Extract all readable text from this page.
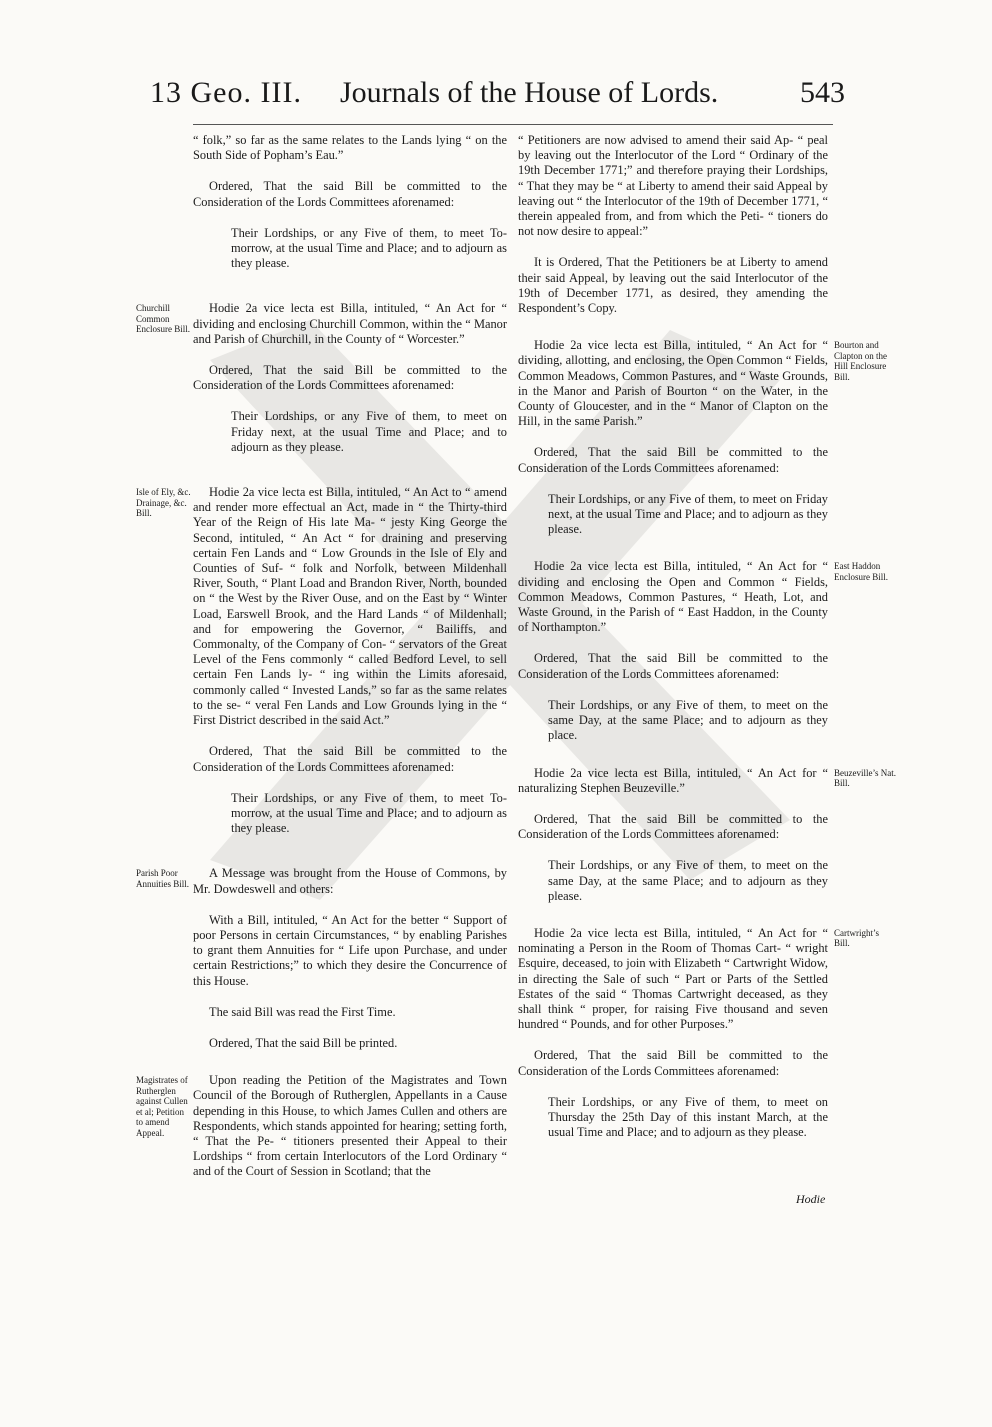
13 Geo. III. Journals of the House of Lords.	543

“ folk,” so far as the same relates to the Lands lying “ on the South Side of Popham’s Eau.”

Ordered, That the said Bill be committed to the Consideration of the Lords Committees aforenamed:

Their Lordships, or any Five of them, to meet To-morrow, at the usual Time and Place; and to adjourn as they please.

Churchill Common Enclosure Bill.

Hodie 2a vice lecta est Billa, intituled, “ An Act for “ dividing and enclosing Churchill Common, within the “ Manor and Parish of Churchill, in the County of “ Worcester.”

Ordered, That the said Bill be committed to the Consideration of the Lords Committees aforenamed:

Their Lordships, or any Five of them, to meet on Friday next, at the usual Time and Place; and to adjourn as they please.

Isle of Ely, &c. Drainage, &c. Bill.

Hodie 2a vice lecta est Billa, intituled, “ An Act to “ amend and render more effectual an Act, made in “ the Thirty-third Year of the Reign of His late Ma- “ jesty King George the Second, intituled, “ An Act “ for draining and preserving certain Fen Lands and “ Low Grounds in the Isle of Ely and Counties of Suf- “ folk and Norfolk, between Mildenhall River, South, “ Plant Load and Brandon River, North, bounded on “ the West by the River Ouse, and on the East by “ Winter Load, Earswell Brook, and the Hard Lands “ of Mildenhall; and for empowering the Governor, “ Bailiffs, and Commonalty, of the Company of Con- “ servators of the Great Level of the Fens commonly “ called Bedford Level, to sell certain Fen Lands ly- “ ing within the Limits aforesaid, commonly called “ Invested Lands,” so far as the same relates to the se- “ veral Fen Lands and Low Grounds lying in the “ First District described in the said Act.”

Ordered, That the said Bill be committed to the Consideration of the Lords Committees aforenamed:

Their Lordships, or any Five of them, to meet To-morrow, at the usual Time and Place; and to adjourn as they please.

Parish Poor Annuities Bill.

A Message was brought from the House of Commons, by Mr. Dowdeswell and others:

With a Bill, intituled, “ An Act for the better “ Support of poor Persons in certain Circumstances, “ by enabling Parishes to grant them Annuities for “ Life upon Purchase, and under certain Restrictions;” to which they desire the Concurrence of this House.

The said Bill was read the First Time.

Ordered, That the said Bill be printed.

Magistrates of Rutherglen against Cullen et al; Petition to amend Appeal.

Upon reading the Petition of the Magistrates and Town Council of the Borough of Rutherglen, Appellants in a Cause depending in this House, to which James Cullen and others are Respondents, which stands appointed for hearing; setting forth, “ That the Pe- “ titioners presented their Appeal to their Lordships “ from certain Interlocutors of the Lord Ordinary “ and of the Court of Session in Scotland; that the

“ Petitioners are now advised to amend their said Ap- “ peal by leaving out the Interlocutor of the Lord “ Ordinary of the 19th December 1771;” and therefore praying their Lordships, “ That they may be “ at Liberty to amend their said Appeal by leaving out “ the Interlocutor of the 19th of December 1771, “ therein appealed from, and from which the Peti- “ tioners do not now desire to appeal:”

It is Ordered, That the Petitioners be at Liberty to amend their said Appeal, by leaving out the said Interlocutor of the 19th of December 1771, as desired, they amending the Respondent’s Copy.

Bourton and Clapton on the Hill Enclosure Bill.

Hodie 2a vice lecta est Billa, intituled, “ An Act for “ dividing, allotting, and enclosing, the Open Common “ Fields, Common Meadows, Common Pastures, and “ Waste Grounds, in the Manor and Parish of Bourton “ on the Water, in the County of Gloucester, and in the “ Manor of Clapton on the Hill, in the same Parish.”

Ordered, That the said Bill be committed to the Consideration of the Lords Committees aforenamed:

Their Lordships, or any Five of them, to meet on Friday next, at the usual Time and Place; and to adjourn as they please.

East Haddon Enclosure Bill.

Hodie 2a vice lecta est Billa, intituled, “ An Act for “ dividing and enclosing the Open and Common “ Fields, Common Meadows, Common Pastures, “ Heath, Lot, and Waste Ground, in the Parish of “ East Haddon, in the County of Northampton.”

Ordered, That the said Bill be committed to the Consideration of the Lords Committees aforenamed:

Their Lordships, or any Five of them, to meet on the same Day, at the same Place; and to adjourn as they place.

Beuzeville’s Nat. Bill.

Hodie 2a vice lecta est Billa, intituled, “ An Act for “ naturalizing Stephen Beuzeville.”

Ordered, That the said Bill be committed to the Consideration of the Lords Committees aforenamed:

Their Lordships, or any Five of them, to meet on the same Day, at the same Place; and to adjourn as they please.

Cartwright’s Bill.

Hodie 2a vice lecta est Billa, intituled, “ An Act for “ nominating a Person in the Room of Thomas Cart- “ wright Esquire, deceased, to join with Elizabeth “ Cartwright Widow, in directing the Sale of such “ Part or Parts of the Settled Estates of the said “ Thomas Cartwright deceased, as they shall think “ proper, for raising Five thousand and seven hundred “ Pounds, and for other Purposes.”

Ordered, That the said Bill be committed to the Consideration of the Lords Committees aforenamed:

Their Lordships, or any Five of them, to meet on Thursday the 25th Day of this instant March, at the usual Time and Place; and to adjourn as they please.

Hodie
